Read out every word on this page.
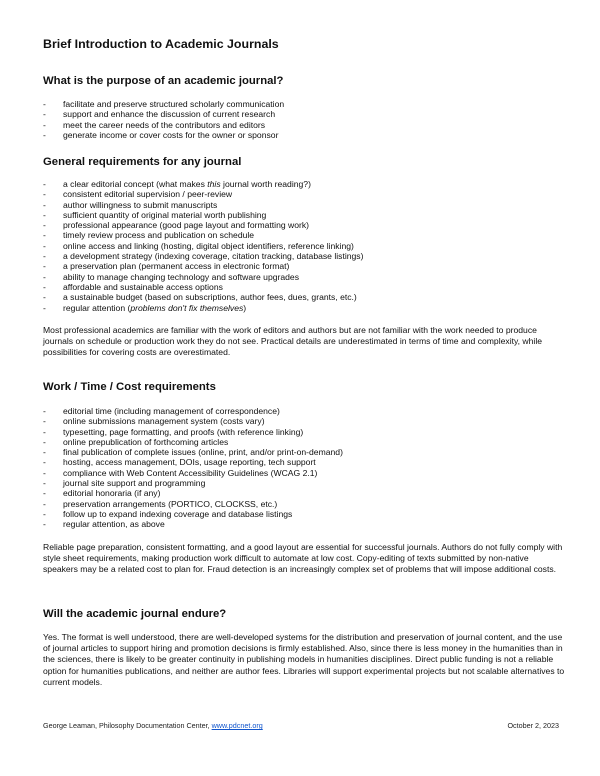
Brief Introduction to Academic Journals
What is the purpose of an academic journal?
- facilitate and preserve structured scholarly communication
- support and enhance the discussion of current research
- meet the career needs of the contributors and editors
- generate income or cover costs for the owner or sponsor
General requirements for any journal
- a clear editorial concept (what makes this journal worth reading?)
- consistent editorial supervision / peer-review
- author willingness to submit manuscripts
- sufficient quantity of original material worth publishing
- professional appearance (good page layout and formatting work)
- timely review process and publication on schedule
- online access and linking (hosting, digital object identifiers, reference linking)
- a development strategy (indexing coverage, citation tracking, database listings)
- a preservation plan (permanent access in electronic format)
- ability to manage changing technology and software upgrades
- affordable and sustainable access options
- a sustainable budget (based on subscriptions, author fees, dues, grants, etc.)
- regular attention (problems don't fix themselves)

Most professional academics are familiar with the work of editors and authors but are not familiar with the work needed to produce journals on schedule or production work they do not see. Practical details are underestimated in terms of time and complexity, while possibilities for covering costs are overestimated.

Work / Time / Cost requirements
- editorial time (including management of correspondence)
- online submissions management system (costs vary)
- typesetting, page formatting, and proofs (with reference linking)
- online prepublication of forthcoming articles
- final publication of complete issues (online, print, and/or print-on-demand)
- hosting, access management, DOIs, usage reporting, tech support
- compliance with Web Content Accessibility Guidelines (WCAG 2.1)
- journal site support and programming
- editorial honoraria (if any)
- preservation arrangements (PORTICO, CLOCKSS, etc.)
- follow up to expand indexing coverage and database listings
- regular attention, as above

Reliable page preparation, consistent formatting, and a good layout are essential for successful journals. Authors do not fully comply with style sheet requirements, making production work difficult to automate at low cost. Copy-editing of texts submitted by non-native speakers may be a related cost to plan for. Fraud detection is an increasingly complex set of problems that will impose additional costs.

Will the academic journal endure?

Yes. The format is well understood, there are well-developed systems for the distribution and preservation of journal content, and the use of journal articles to support hiring and promotion decisions is firmly established. Also, since there is less money in the humanities than in the sciences, there is likely to be greater continuity in publishing models in humanities disciplines. Direct public funding is not a reliable option for humanities publications, and neither are author fees. Libraries will support experimental projects but not scalable alternatives to current models.

George Leaman, Philosophy Documentation Center, www.pdcnet.org	October 2, 2023
